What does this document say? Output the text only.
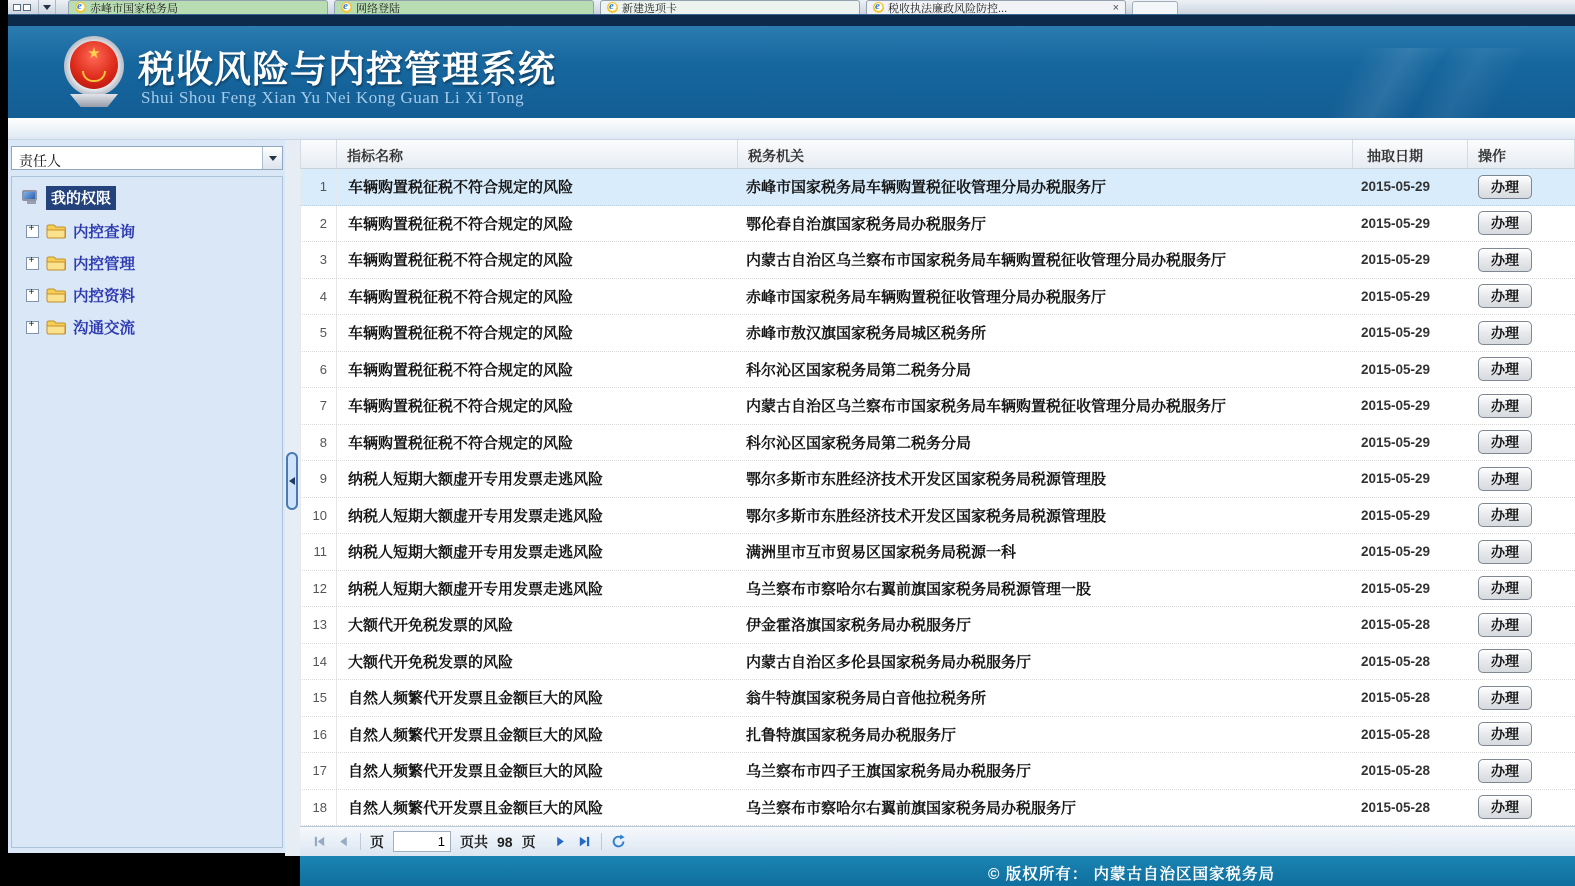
e
赤峰市国家税务局 e	网络登陆 e	新建选项卡 e	税收执法廉政风险防控...	×
★
税收风险与内控管理系统
Shui Shou Feng Xian Yu Nei Kong Guan Li Xi Tong
责任人
我的权限
+
内控查询
+
内控管理
+
内控资料
+
沟通交流
指标名称	税务机关	抽取日期	操作
1	车辆购置税征税不符合规定的风险	赤峰市国家税务局车辆购置税征收管理分局办税服务厅	2015-05-29	办理
2	车辆购置税征税不符合规定的风险	鄂伦春自治旗国家税务局办税服务厅	2015-05-29	办理
3	车辆购置税征税不符合规定的风险	内蒙古自治区乌兰察布市国家税务局车辆购置税征收管理分局办税服务厅	2015-05-29	办理
4	车辆购置税征税不符合规定的风险	赤峰市国家税务局车辆购置税征收管理分局办税服务厅	2015-05-29	办理
5	车辆购置税征税不符合规定的风险	赤峰市敖汉旗国家税务局城区税务所	2015-05-29	办理
6	车辆购置税征税不符合规定的风险	科尔沁区国家税务局第二税务分局	2015-05-29	办理
7	车辆购置税征税不符合规定的风险	内蒙古自治区乌兰察布市国家税务局车辆购置税征收管理分局办税服务厅	2015-05-29	办理
8	车辆购置税征税不符合规定的风险	科尔沁区国家税务局第二税务分局	2015-05-29	办理
9	纳税人短期大额虚开专用发票走逃风险	鄂尔多斯市东胜经济技术开发区国家税务局税源管理股	2015-05-29	办理
10	纳税人短期大额虚开专用发票走逃风险	鄂尔多斯市东胜经济技术开发区国家税务局税源管理股	2015-05-29	办理
11	纳税人短期大额虚开专用发票走逃风险	满洲里市互市贸易区国家税务局税源一科	2015-05-29	办理
12	纳税人短期大额虚开专用发票走逃风险	乌兰察布市察哈尔右翼前旗国家税务局税源管理一股	2015-05-29	办理
13	大额代开免税发票的风险	伊金霍洛旗国家税务局办税服务厅	2015-05-28	办理
14	大额代开免税发票的风险	内蒙古自治区多伦县国家税务局办税服务厅	2015-05-28	办理
15	自然人频繁代开发票且金额巨大的风险	翁牛特旗国家税务局白音他拉税务所	2015-05-28	办理
16	自然人频繁代开发票且金额巨大的风险	扎鲁特旗国家税务局办税服务厅	2015-05-28	办理
17	自然人频繁代开发票且金额巨大的风险	乌兰察布市四子王旗国家税务局办税服务厅	2015-05-28	办理
18	自然人频繁代开发票且金额巨大的风险	乌兰察布市察哈尔右翼前旗国家税务局办税服务厅	2015-05-28	办理
页
1	页共 98 页
© 版权所有： 内蒙古自治区国家税务局
